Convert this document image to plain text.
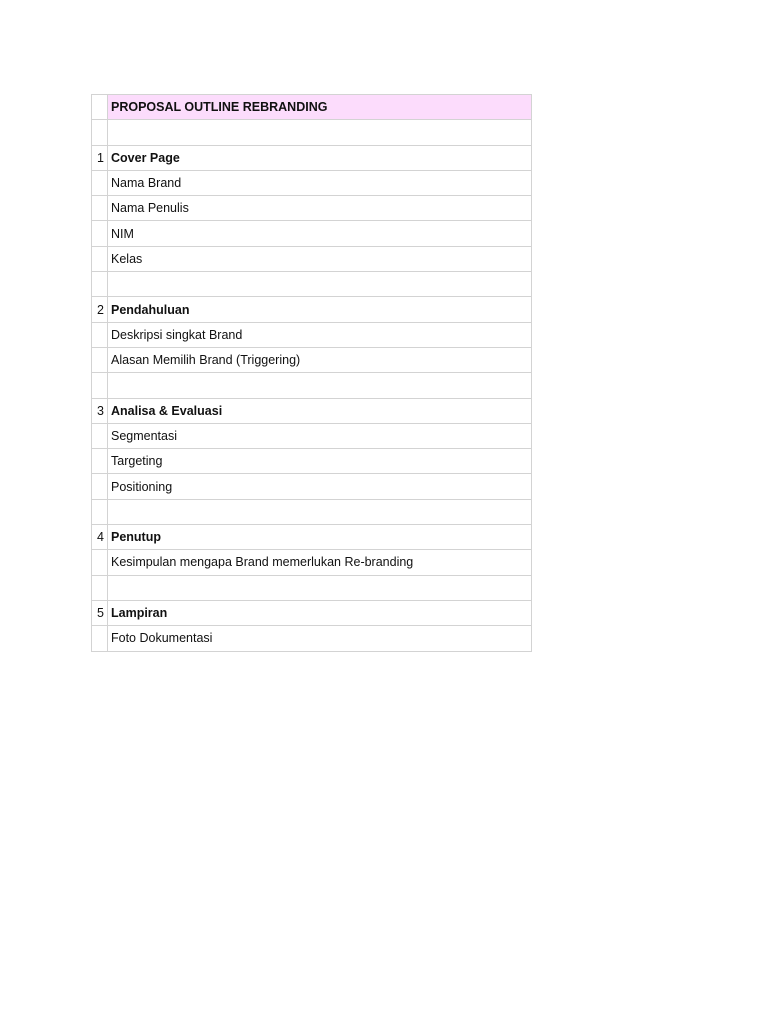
	PROPOSAL OUTLINE REBRANDING

1	Cover Page
	Nama Brand
	Nama Penulis
	NIM
	Kelas

2	Pendahuluan
	Deskripsi singkat Brand
	Alasan Memilih Brand (Triggering)

3	Analisa & Evaluasi
	Segmentasi
	Targeting
	Positioning

4	Penutup
	Kesimpulan mengapa Brand memerlukan Re-branding

5	Lampiran
	Foto Dokumentasi
